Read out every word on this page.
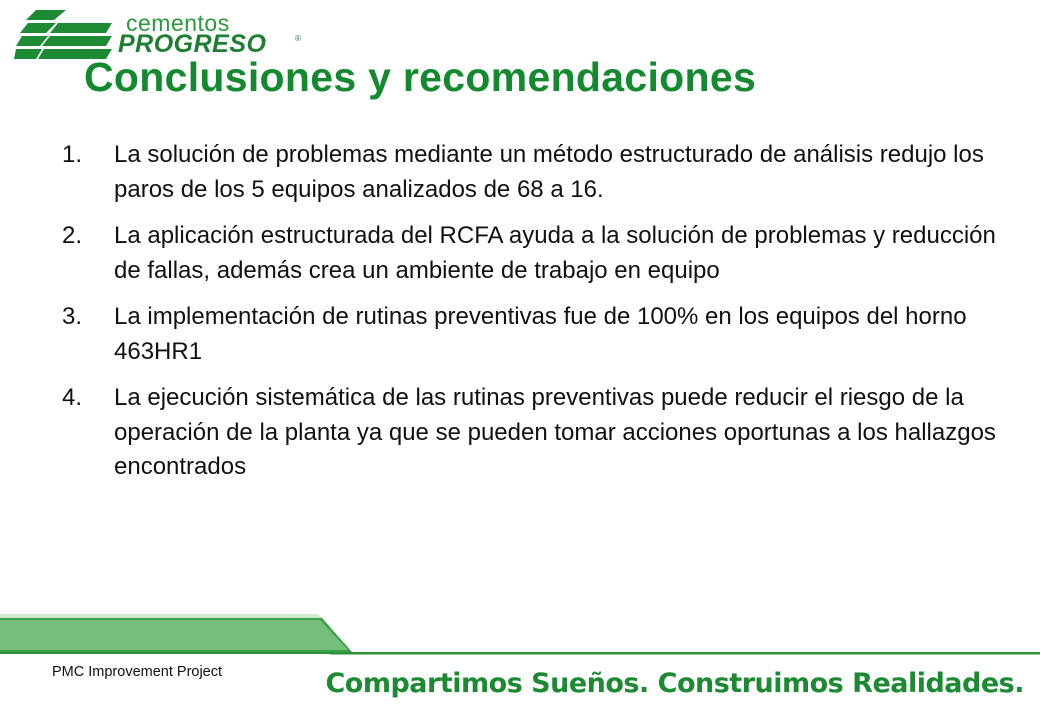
cementos
PROGRESO	®
Conclusiones y recomendaciones
1.	La solución de problemas mediante un método estructurado de análisis redujo los paros de los 5 equipos analizados de 68 a 16.
2.	La aplicación estructurada del RCFA ayuda a la solución de problemas y reducción de fallas, además crea un ambiente de trabajo en equipo
3.	La implementación de rutinas preventivas fue de 100% en los equipos del horno 463HR1
4.	La ejecución sistemática de las rutinas preventivas puede reducir el riesgo de la operación de la planta ya que se pueden tomar acciones oportunas a los hallazgos encontrados
PMC Improvement Project	Compartimos Sueños. Construimos Realidades.
